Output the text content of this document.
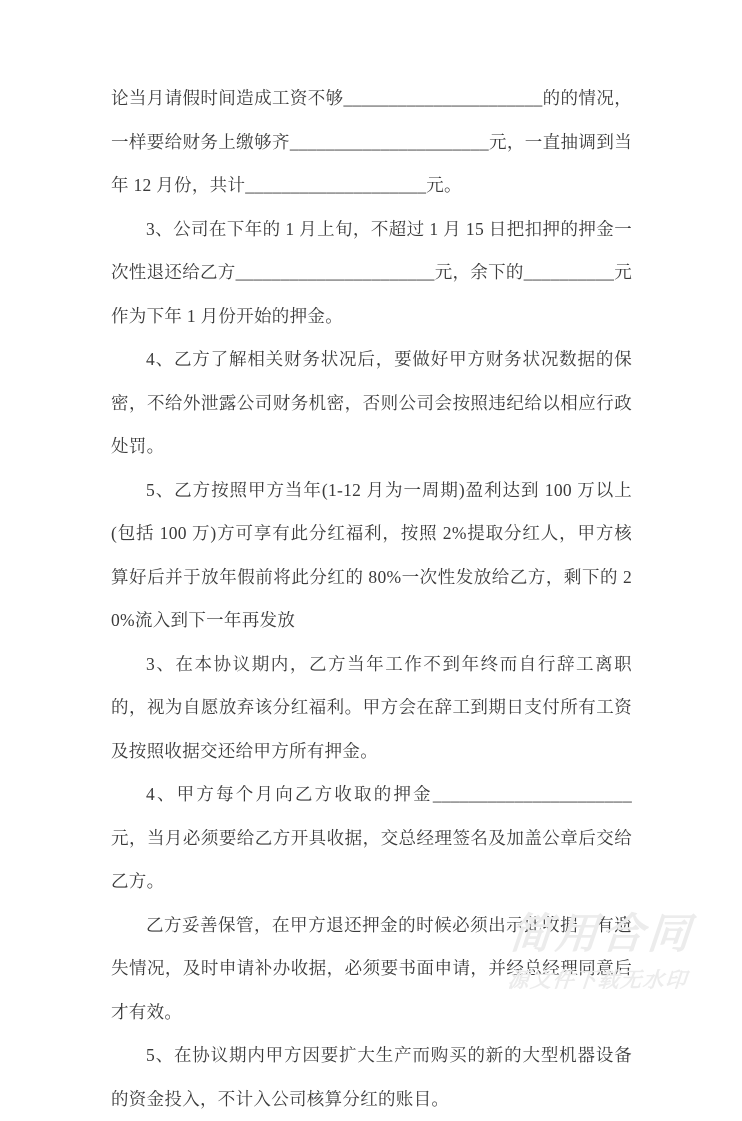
论当月请假时间造成工资不够______________________的的情况，一样要给财务上缴够齐______________________元，一直抽调到当年 12 月份，共计____________________元。

3、公司在下年的 1 月上旬，不超过 1 月 15 日把扣押的押金一次性退还给乙方______________________元，余下的__________元作为下年 1 月份开始的押金。

4、乙方了解相关财务状况后，要做好甲方财务状况数据的保密，不给外泄露公司财务机密，否则公司会按照违纪给以相应行政处罚。

5、乙方按照甲方当年(1-12 月为一周期)盈利达到 100 万以上(包括 100 万)方可享有此分红福利，按照 2%提取分红人，甲方核算好后并于放年假前将此分红的 80%一次性发放给乙方，剩下的 20%流入到下一年再发放

3、在本协议期内，乙方当年工作不到年终而自行辞工离职的，视为自愿放弃该分红福利。甲方会在辞工到期日支付所有工资及按照收据交还给甲方所有押金。

4、甲方每个月向乙方收取的押金______________________元，当月必须要给乙方开具收据，交总经理签名及加盖公章后交给乙方。

乙方妥善保管，在甲方退还押金的时候必须出示此收据，有遗失情况，及时申请补办收据，必须要书面申请，并经总经理同意后才有效。

5、在协议期内甲方因要扩大生产而购买的新的大型机器设备的资金投入，不计入公司核算分红的账目。

简用合同
源文件下载无水印
